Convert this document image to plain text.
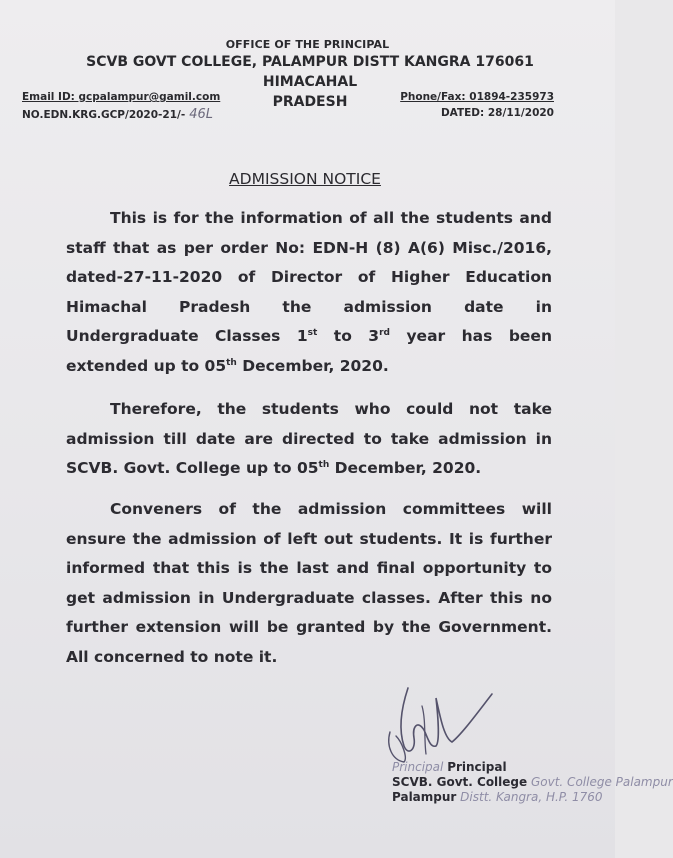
OFFICE OF THE PRINCIPAL
SCVB GOVT COLLEGE, PALAMPUR DISTT KANGRA 176061 HIMACAHAL
PRADESH
Email ID: gcpalampur@gamil.com	Phone/Fax: 01894-235973
NO.EDN.KRG.GCP/2020-21/- 46L	DATED: 28/11/2020
ADMISSION NOTICE
This is for the information of all the students and staff that as per order No: EDN-H (8) A(6) Misc./2016, dated-27-11-2020 of Director of Higher Education Himachal Pradesh the admission date in Undergraduate Classes 1st to 3rd year has been extended up to 05th December, 2020.
Therefore, the students who could not take admission till date are directed to take admission in SCVB. Govt. College up to 05th December, 2020.
Conveners of the admission committees will ensure the admission of left out students. It is further informed that this is the last and final opportunity to get admission in Undergraduate classes. After this no further extension will be granted by the Government. All concerned to note it.
Principal Principal
SCVB. Govt. College Govt. College Palampur
Palampur Distt. Kangra, H.P. 1760
